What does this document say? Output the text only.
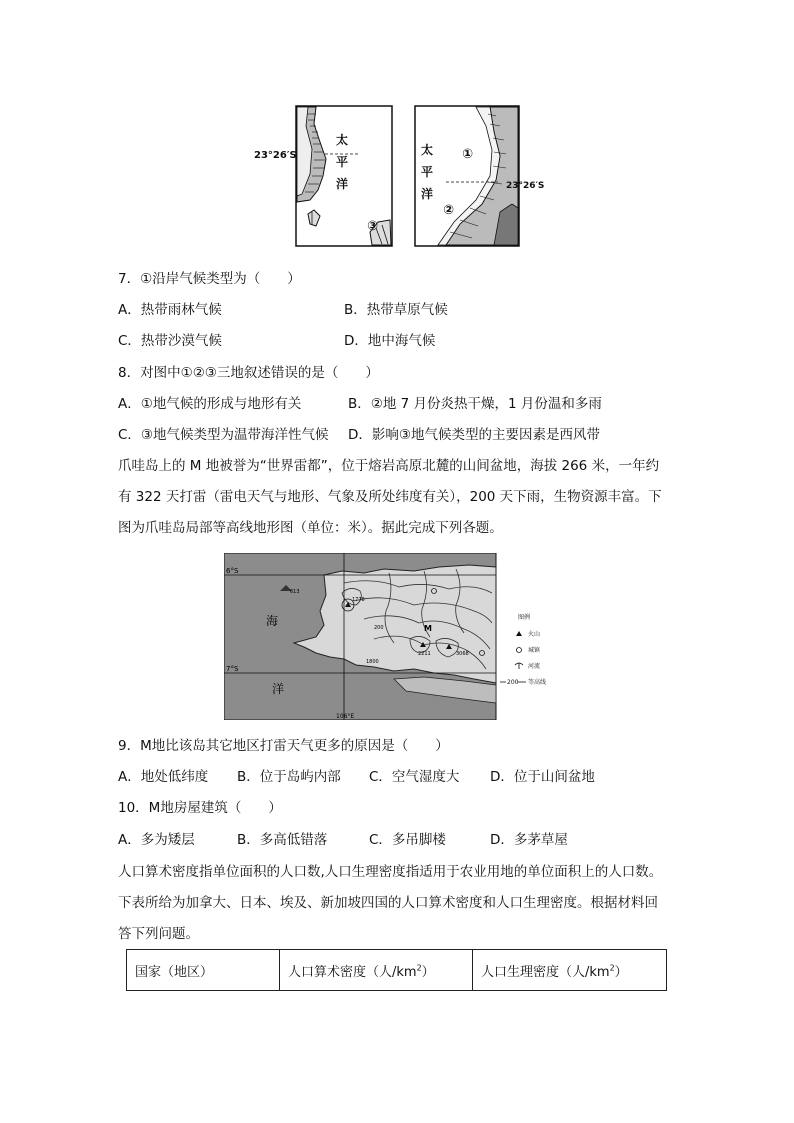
23°26′S
太
平
洋
③
太
平
洋
①
②
23°26′S
7．①沿岸气候类型为（　　）
A．热带雨林气候	B．热带草原气候
C．热带沙漠气候	D．地中海气候
8．对图中①②③三地叙述错误的是（　　）
A．①地气候的形成与地形有关	B．②地 7 月份炎热干燥，1 月份温和多雨
C．③地气候类型为温带海洋性气候 D．影响③地气候类型的主要因素是西风带
爪哇岛上的 M 地被誉为“世界雷都”，位于熔岩高原北麓的山间盆地，海拔 266 米，一年约
有 322 天打雷（雷电天气与地形、气象及所处纬度有关），200 天下雨，生物资源丰富。下
图为爪哇岛局部等高线地形图（单位：米）。据此完成下列各题。
6°S
7°S
106°E
海
洋
613
1778
2211
1800
3068
200	M
图例
火山
城镇
河流
200 等高线
9．M地比该岛其它地区打雷天气更多的原因是（　　）
A．地处低纬度 B．位于岛屿内部 C．空气湿度大 D．位于山间盆地
10．M地房屋建筑（　　）
A．多为矮层	B．多高低错落	C．多吊脚楼	D．多茅草屋
人口算术密度指单位面积的人口数,人口生理密度指适用于农业用地的单位面积上的人口数。
下表所给为加拿大、日本、埃及、新加坡四国的人口算术密度和人口生理密度。根据材料回
答下列问题。
国家（地区）	人口算术密度（人$/km^2$）	人口生理密度（人$/km^2$）
